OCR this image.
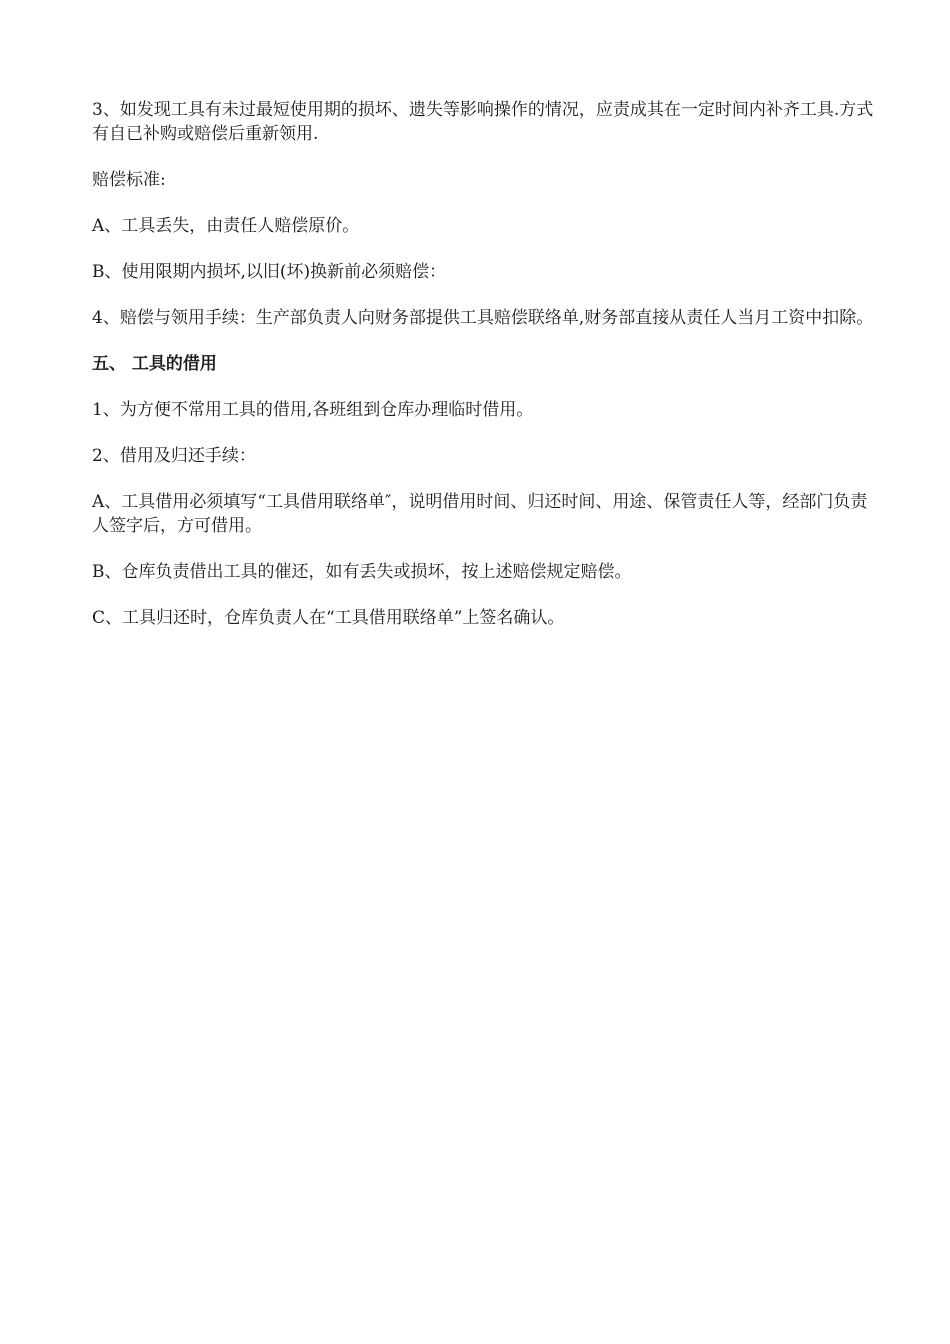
3、如发现工具有未过最短使用期的损坏、遗失等影响操作的情况，应责成其在一定时间内补齐工具.方式有自已补购或赔偿后重新领用.

赔偿标准:

A、工具丢失，由责任人赔偿原价。

B、使用限期内损坏,以旧(坏)换新前必须赔偿：

4、赔偿与领用手续：生产部负责人向财务部提供工具赔偿联络单,财务部直接从责任人当月工资中扣除。

五、 工具的借用

1、为方便不常用工具的借用,各班组到仓库办理临时借用。

2、借用及归还手续：

A、工具借用必须填写“工具借用联络单″，说明借用时间、归还时间、用途、保管责任人等，经部门负责人签字后，方可借用。

B、仓库负责借出工具的催还，如有丢失或损坏，按上述赔偿规定赔偿。

C、工具归还时，仓库负责人在“工具借用联络单”上签名确认。
